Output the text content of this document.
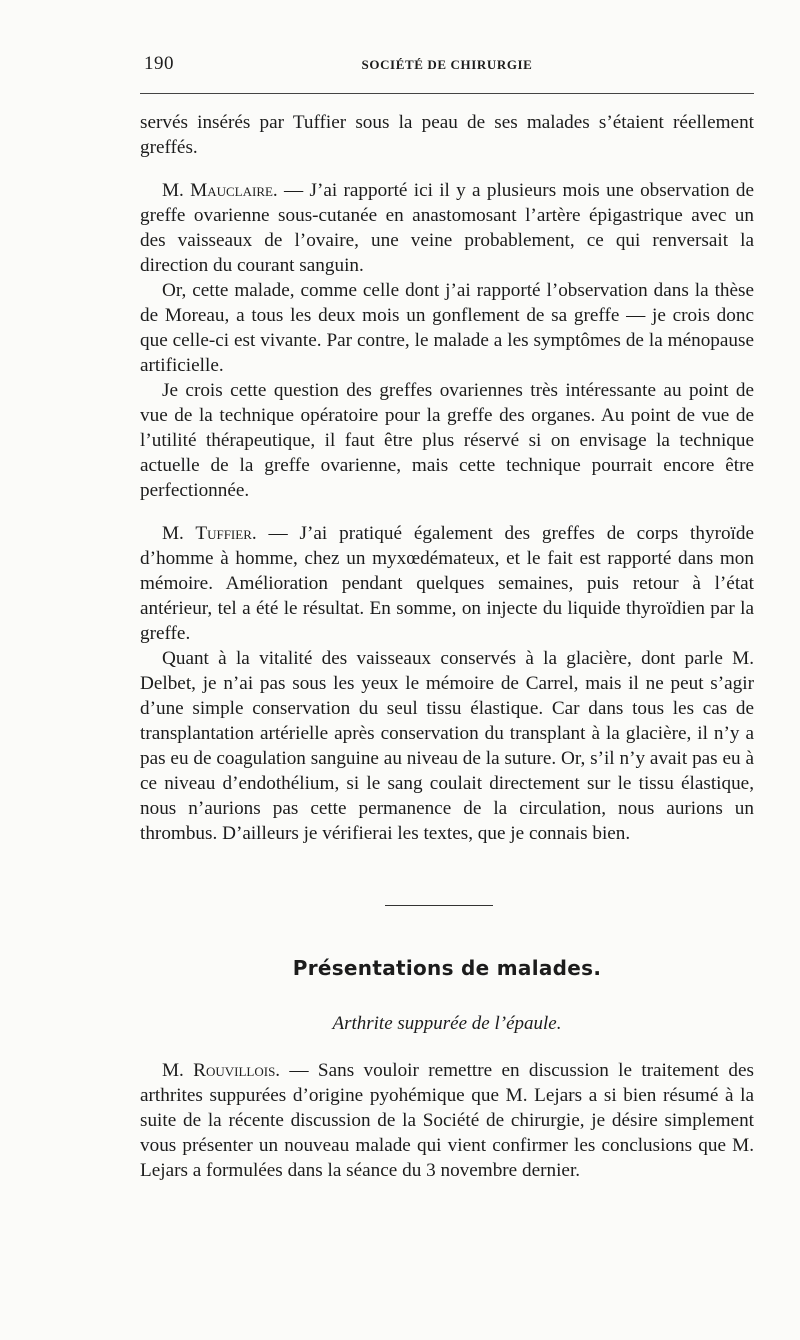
190	SOCIÉTÉ DE CHIRURGIE

servés insérés par Tuffier sous la peau de ses malades s’étaient réellement greffés.

M. Mauclaire. — J’ai rapporté ici il y a plusieurs mois une observation de greffe ovarienne sous-cutanée en anastomosant l’artère épigastrique avec un des vaisseaux de l’ovaire, une veine probablement, ce qui renversait la direction du courant sanguin.

Or, cette malade, comme celle dont j’ai rapporté l’observation dans la thèse de Moreau, a tous les deux mois un gonflement de sa greffe — je crois donc que celle-ci est vivante. Par contre, le malade a les symptômes de la ménopause artificielle.

Je crois cette question des greffes ovariennes très intéressante au point de vue de la technique opératoire pour la greffe des organes. Au point de vue de l’utilité thérapeutique, il faut être plus réservé si on envisage la technique actuelle de la greffe ovarienne, mais cette technique pourrait encore être perfectionnée.

M. Tuffier. — J’ai pratiqué également des greffes de corps thyroïde d’homme à homme, chez un myxœdémateux, et le fait est rapporté dans mon mémoire. Amélioration pendant quelques semaines, puis retour à l’état antérieur, tel a été le résultat. En somme, on injecte du liquide thyroïdien par la greffe.

Quant à la vitalité des vaisseaux conservés à la glacière, dont parle M. Delbet, je n’ai pas sous les yeux le mémoire de Carrel, mais il ne peut s’agir d’une simple conservation du seul tissu élastique. Car dans tous les cas de transplantation artérielle après conservation du transplant à la glacière, il n’y a pas eu de coagulation sanguine au niveau de la suture. Or, s’il n’y avait pas eu à ce niveau d’endothélium, si le sang coulait directement sur le tissu élastique, nous n’aurions pas cette permanence de la circulation, nous aurions un thrombus. D’ailleurs je vérifierai les textes, que je connais bien.

Présentations de malades.
Arthrite suppurée de l’épaule.

M. Rouvillois. — Sans vouloir remettre en discussion le traitement des arthrites suppurées d’origine pyohémique que M. Lejars a si bien résumé à la suite de la récente discussion de la Société de chirurgie, je désire simplement vous présenter un nouveau malade qui vient confirmer les conclusions que M. Lejars a formulées dans la séance du 3 novembre dernier.
